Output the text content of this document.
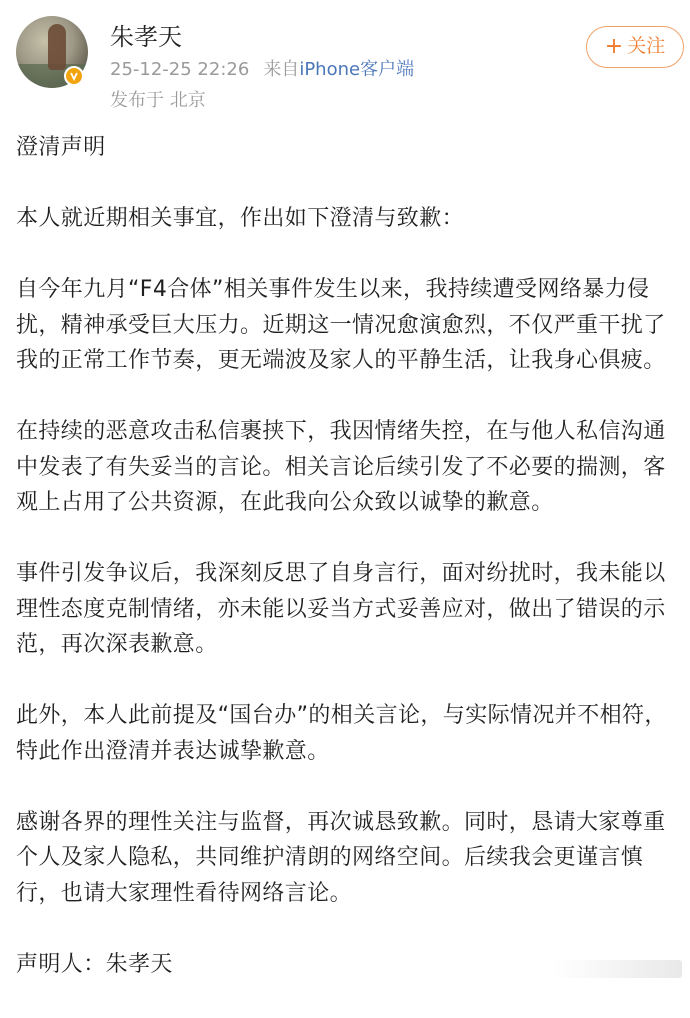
朱孝天
25-12-25 22:26 来自iPhone客户端
发布于 北京
+ 关注

澄清声明

本人就近期相关事宜，作出如下澄清与致歉：

自今年九月“F4合体”相关事件发生以来，我持续遭受网络暴力侵扰，精神承受巨大压力。近期这一情况愈演愈烈，不仅严重干扰了我的正常工作节奏，更无端波及家人的平静生活，让我身心俱疲。

在持续的恶意攻击私信裹挟下，我因情绪失控，在与他人私信沟通中发表了有失妥当的言论。相关言论后续引发了不必要的揣测，客观上占用了公共资源，在此我向公众致以诚挚的歉意。

事件引发争议后，我深刻反思了自身言行，面对纷扰时，我未能以理性态度克制情绪，亦未能以妥当方式妥善应对，做出了错误的示范，再次深表歉意。

此外，本人此前提及“国台办”的相关言论，与实际情况并不相符，特此作出澄清并表达诚挚歉意。

感谢各界的理性关注与监督，再次诚恳致歉。同时，恳请大家尊重个人及家人隐私，共同维护清朗的网络空间。后续我会更谨言慎行，也请大家理性看待网络言论。

声明人：朱孝天
